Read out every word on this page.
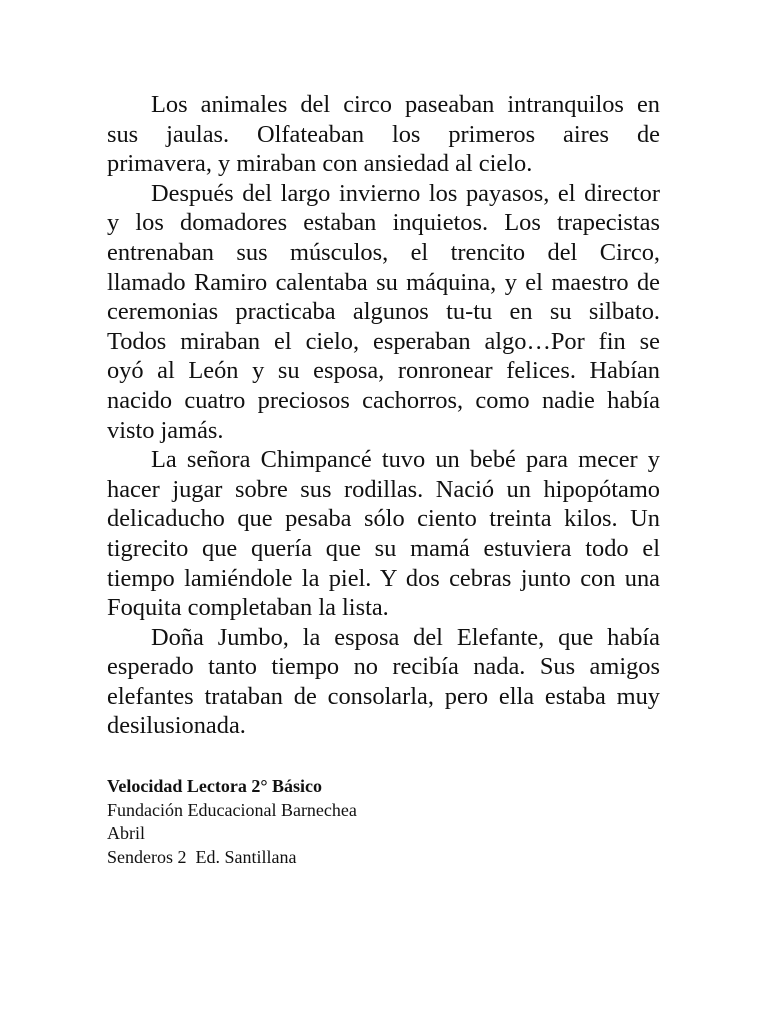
Los animales del circo paseaban intranquilos en
sus jaulas. Olfateaban los primeros aires de
primavera, y miraban con ansiedad al cielo.
Después del largo invierno los payasos, el director
y los domadores estaban inquietos. Los trapecistas
entrenaban sus músculos, el trencito del Circo,
llamado Ramiro calentaba su máquina, y el maestro de
ceremonias practicaba algunos tu-tu en su silbato.
Todos miraban el cielo, esperaban algo…Por fin se
oyó al León y su esposa, ronronear felices. Habían
nacido cuatro preciosos cachorros, como nadie había
visto jamás.
La señora Chimpancé tuvo un bebé para mecer y
hacer jugar sobre sus rodillas. Nació un hipopótamo
delicaducho que pesaba sólo ciento treinta kilos. Un
tigrecito que quería que su mamá estuviera todo el
tiempo lamiéndole la piel. Y dos cebras junto con una
Foquita completaban la lista.
Doña Jumbo, la esposa del Elefante, que había
esperado tanto tiempo no recibía nada. Sus amigos
elefantes trataban de consolarla, pero ella estaba muy
desilusionada.
Velocidad Lectora 2° Básico
Fundación Educacional Barnechea
Abril
Senderos 2  Ed. Santillana
